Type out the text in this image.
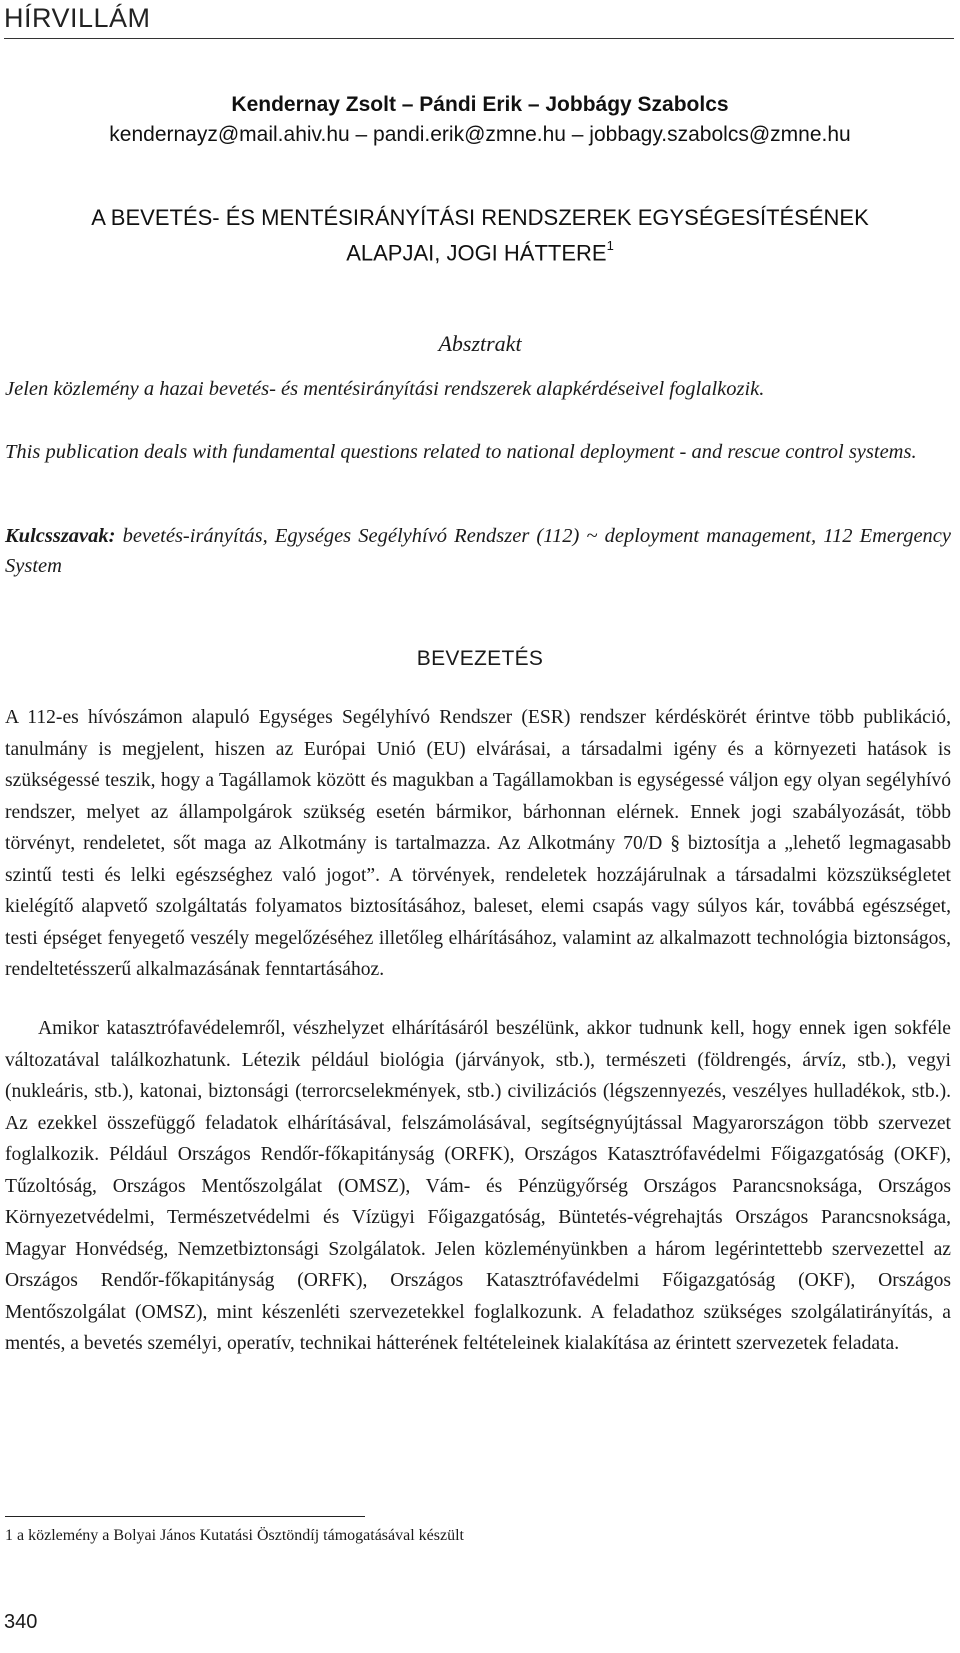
HÍRVILLÁM
Kendernay Zsolt – Pándi Erik – Jobbágy Szabolcs
kendernayz@mail.ahiv.hu – pandi.erik@zmne.hu – jobbagy.szabolcs@zmne.hu
A BEVETÉS- ÉS MENTÉSIRÁNYÍTÁSI RENDSZEREK EGYSÉGESÍTÉSÉNEK
ALAPJAI, JOGI HÁTTERE$^1$
Absztrakt

Jelen közlemény a hazai bevetés- és mentésirányítási rendszerek alapkérdéseivel foglalkozik.

This publication deals with fundamental questions related to national deployment - and rescue control systems.

Kulcsszavak: bevetés-irányítás, Egységes Segélyhívó Rendszer (112) ~ deployment management, 112 Emergency System

BEVEZETÉS

A 112-es hívószámon alapuló Egységes Segélyhívó Rendszer (ESR) rendszer kérdéskörét érintve több publikáció, tanulmány is megjelent, hiszen az Európai Unió (EU) elvárásai, a társadalmi igény és a környezeti hatások is szükségessé teszik, hogy a Tagállamok között és magukban a Tagállamokban is egységessé váljon egy olyan segélyhívó rendszer, melyet az állampolgárok szükség esetén bármikor, bárhonnan elérnek. Ennek jogi szabályozását, több törvényt, rendeletet, sőt maga az Alkotmány is tartalmazza. Az Alkotmány 70/D § biztosítja a „lehető legmagasabb szintű testi és lelki egészséghez való jogot”. A törvények, rendeletek hozzájárulnak a társadalmi közszükségletet kielégítő alapvető szolgáltatás folyamatos biztosításához, baleset, elemi csapás vagy súlyos kár, továbbá egészséget, testi épséget fenyegető veszély megelőzéséhez illetőleg elhárításához, valamint az alkalmazott technológia biztonságos, rendeltetésszerű alkalmazásának fenntartásához.

Amikor katasztrófavédelemről, vészhelyzet elhárításáról beszélünk, akkor tudnunk kell, hogy ennek igen sokféle változatával találkozhatunk. Létezik például biológia (járványok, stb.), természeti (földrengés, árvíz, stb.), vegyi (nukleáris, stb.), katonai, biztonsági (terrorcselekmények, stb.) civilizációs (légszennyezés, veszélyes hulladékok, stb.). Az ezekkel összefüggő feladatok elhárításával, felszámolásával, segítségnyújtással Magyarországon több szervezet foglalkozik. Például Országos Rendőr-főkapitányság (ORFK), Országos Katasztrófavédelmi Főigazgatóság (OKF), Tűzoltóság, Országos Mentőszolgálat (OMSZ), Vám- és Pénzügyőrség Országos Parancsnoksága, Országos Környezetvédelmi, Természetvédelmi és Vízügyi Főigazgatóság, Büntetés-végrehajtás Országos Parancsnoksága, Magyar Honvédség, Nemzetbiztonsági Szolgálatok. Jelen közleményünkben a három legérintettebb szervezettel az Országos Rendőr-főkapitányság (ORFK), Országos Katasztrófavédelmi Főigazgatóság (OKF), Országos Mentőszolgálat (OMSZ), mint készenléti szervezetekkel foglalkozunk. A feladathoz szükséges szolgálatirányítás, a mentés, a bevetés személyi, operatív, technikai hátterének feltételeinek kialakítása az érintett szervezetek feladata.

1 a közlemény a Bolyai János Kutatási Ösztöndíj támogatásával készült
340
